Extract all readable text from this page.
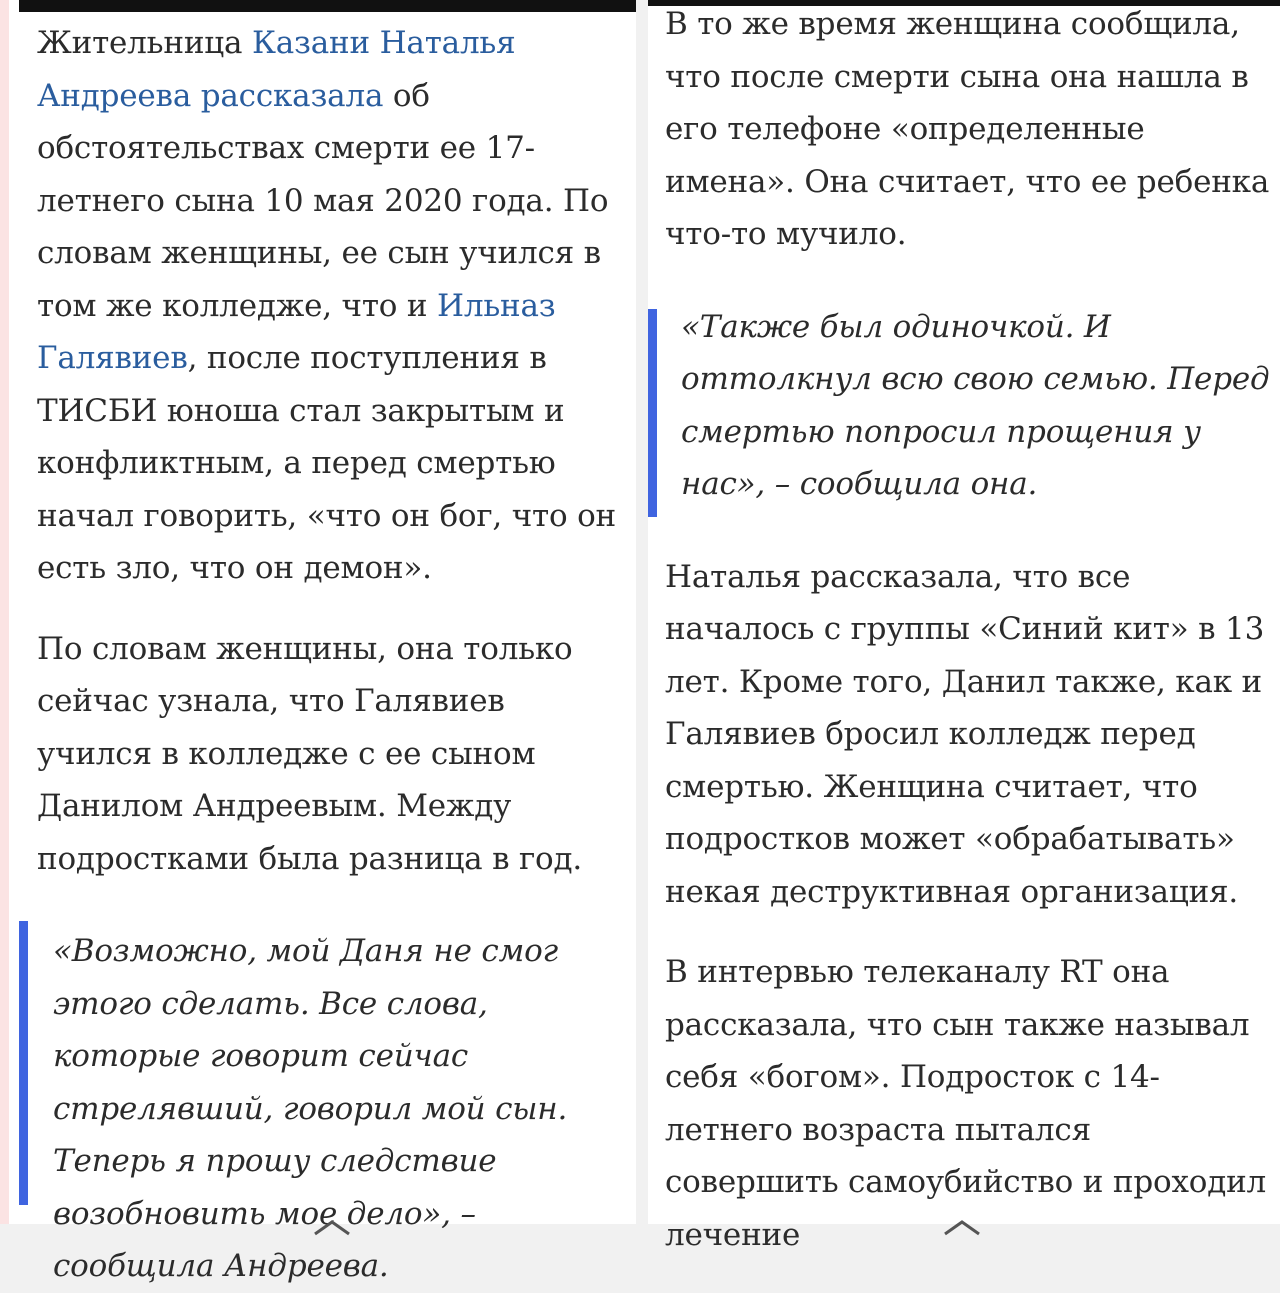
Жительница Казани Наталья Андреева рассказала об обстоятельствах смерти ее 17-летнего сына 10 мая 2020 года. По словам женщины, ее сын учился в том же колледже, что и Ильназ Галявиев, после поступления в ТИСБИ юноша стал закрытым и конфликтным, а перед смертью начал говорить, «что он бог, что он есть зло, что он демон».

По словам женщины, она только сейчас узнала, что Галявиев учился в колледже с ее сыном Данилом Андреевым. Между подростками была разница в год.

«Возможно, мой Даня не смог этого сделать. Все слова, которые говорит сейчас стрелявший, говорил мой сын. Теперь я прошу следствие возобновить мое дело», – сообщила Андреева.

В то же время женщина сообщила, что после смерти сына она нашла в его телефоне «определенные имена». Она считает, что ее ребенка что-то мучило.

«Также был одиночкой. И оттолкнул всю свою семью. Перед смертью попросил прощения у нас», – сообщила она.

Наталья рассказала, что все началось с группы «Синий кит» в 13 лет. Кроме того, Данил также, как и Галявиев бросил колледж перед смертью. Женщина считает, что подростков может «обрабатывать» некая деструктивная организация.

В интервью телеканалу RT она рассказала, что сын также называл себя «богом». Подросток с 14-летнего возраста пытался совершить самоубийство и проходил лечение
